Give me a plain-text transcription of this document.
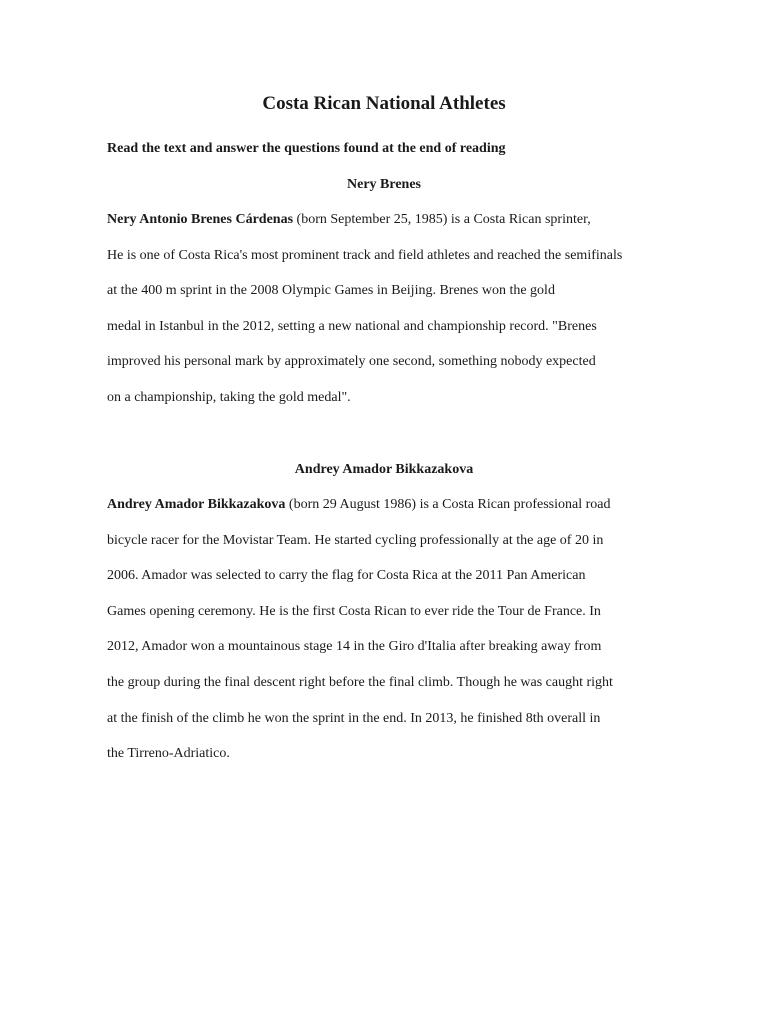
Costa Rican National Athletes
Read the text and answer the questions found at the end of reading
Nery Brenes
Nery Antonio Brenes Cárdenas (born September 25, 1985) is a Costa Rican sprinter,
He is one of Costa Rica's most prominent track and field athletes and reached the semifinals
at the 400 m sprint in the 2008 Olympic Games in Beijing. Brenes won the gold
medal in Istanbul in the 2012, setting a new national and championship record. "Brenes
improved his personal mark by approximately one second, something nobody expected
on a championship, taking the gold medal".
Andrey Amador Bikkazakova
Andrey Amador Bikkazakova (born 29 August 1986) is a Costa Rican professional road
bicycle racer for the Movistar Team. He started cycling professionally at the age of 20 in
2006. Amador was selected to carry the flag for Costa Rica at the 2011 Pan American
Games opening ceremony. He is the first Costa Rican to ever ride the Tour de France. In
2012, Amador won a mountainous stage 14 in the Giro d'Italia after breaking away from
the group during the final descent right before the final climb. Though he was caught right
at the finish of the climb he won the sprint in the end. In 2013, he finished 8th overall in
the Tirreno-Adriatico.
